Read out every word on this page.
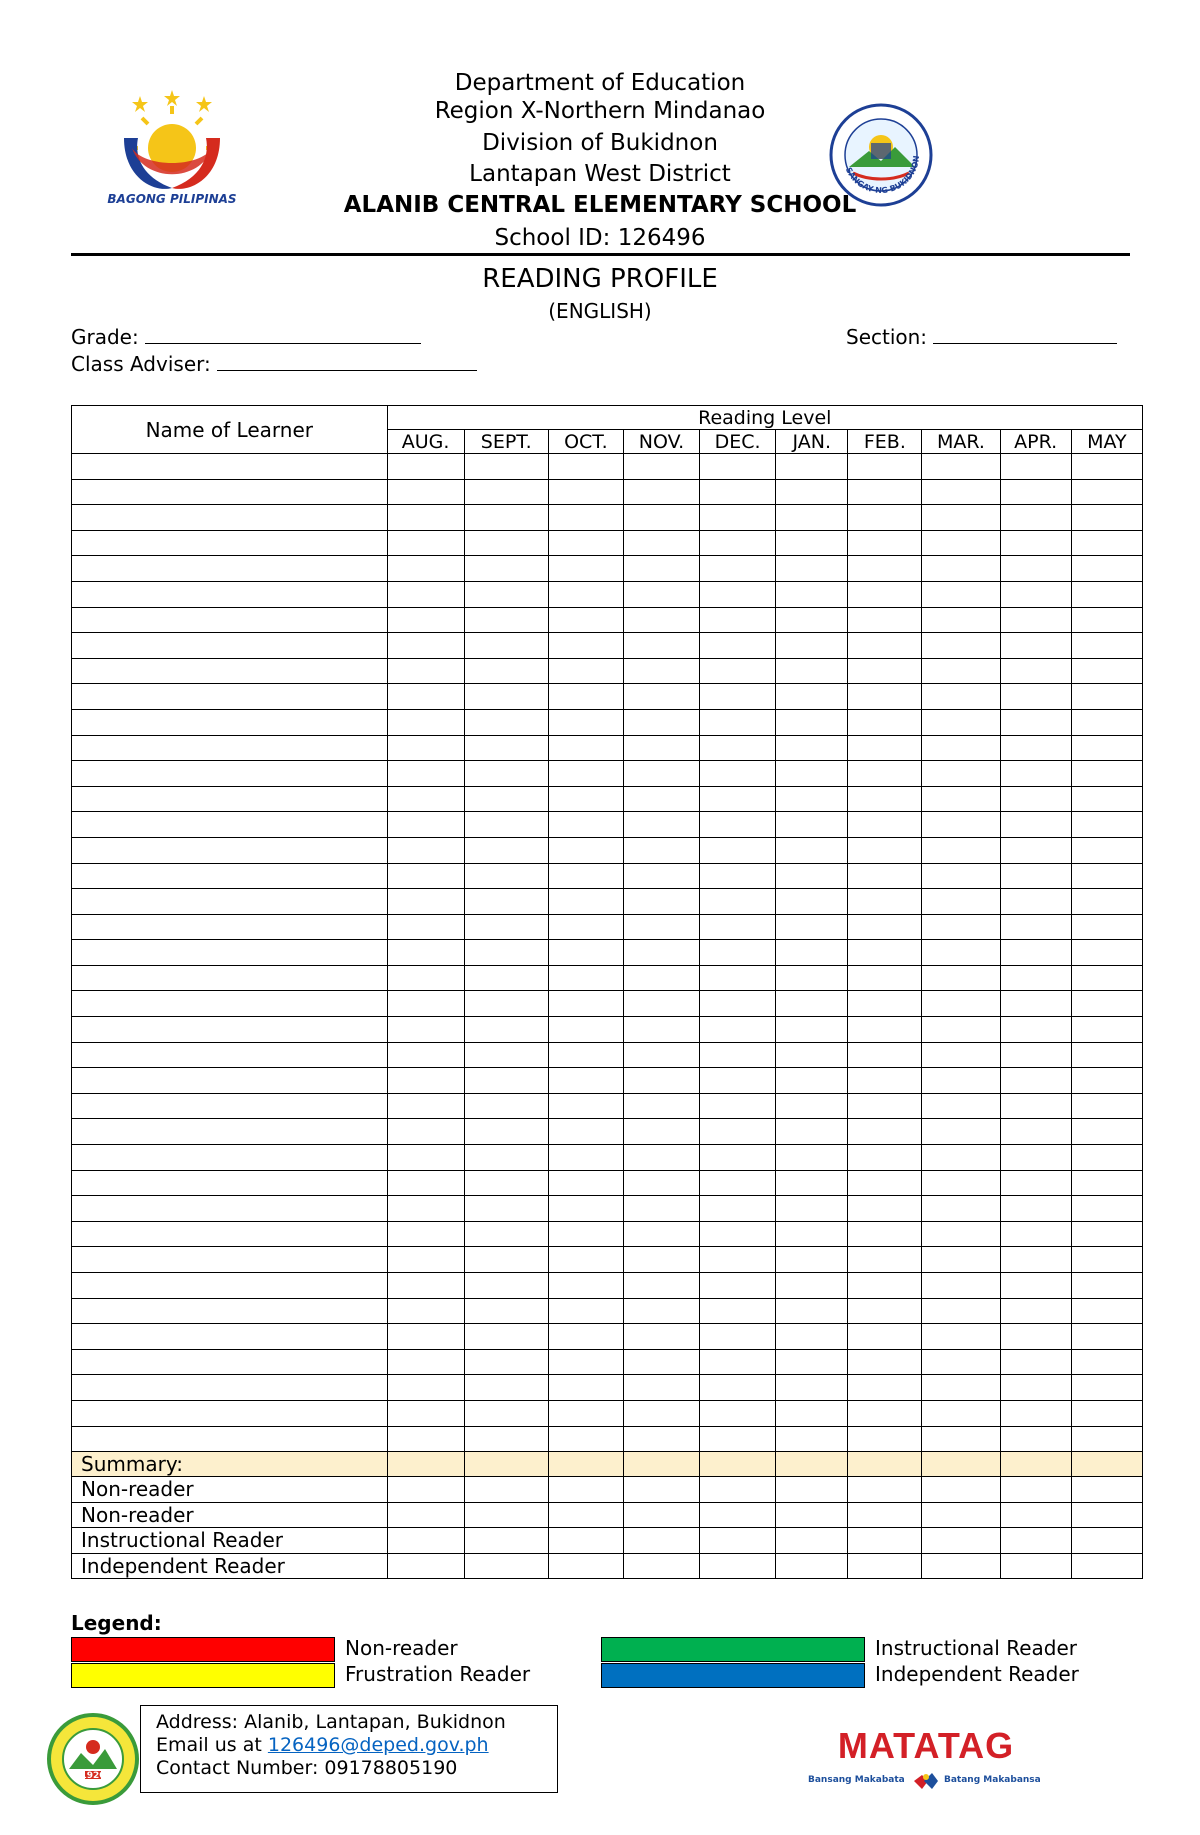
BAGONG PILIPINAS
SANGAY NG BUKIDNON
Department of Education
Region X-Northern Mindanao
Division of Bukidnon
Lantapan West District
ALANIB CENTRAL ELEMENTARY SCHOOL
School ID: 126496
READING PROFILE
(ENGLISH)
Grade:	Section:
Class Adviser:
Name of Learner	Reading Level									
	AUG.	SEPT.	OCT.	NOV.	DEC.	JAN.	FEB.	MAR.	APR.	MAY

Summary:										
Non-reader										
Non-reader										
Instructional Reader										
Independent Reader										
Legend:
Non-reader
Frustration Reader
Instructional Reader
Independent Reader
1920
Address: Alanib, Lantapan, Bukidnon
Email us at 126496@deped.gov.ph
Contact Number: 09178805190
MATATAG
Bansang Makabata	Batang Makabansa
